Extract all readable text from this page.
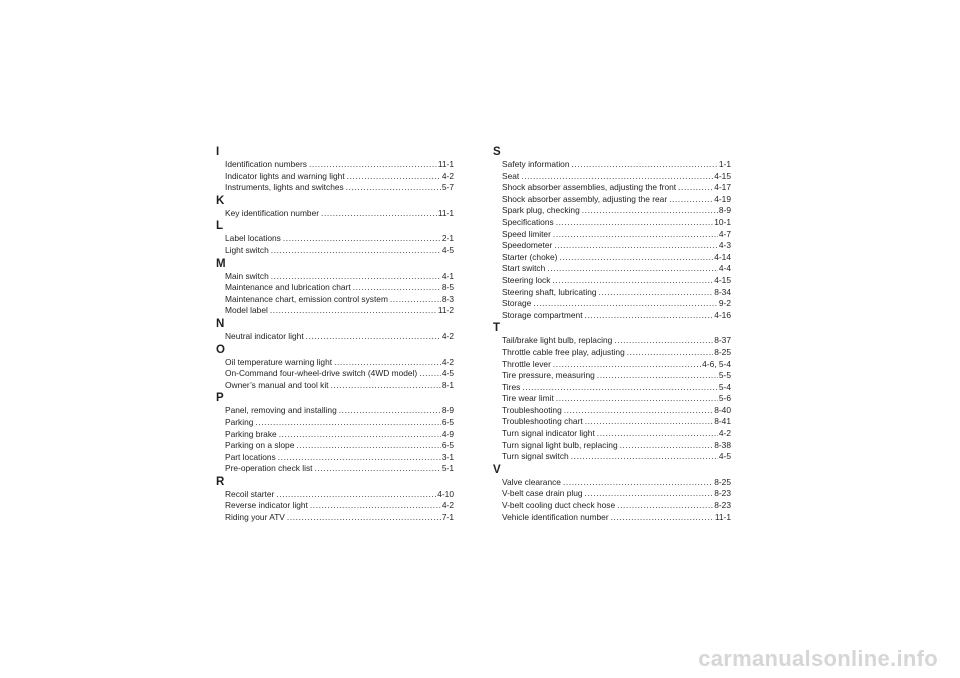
I
Identification numbers .....	11-1
Indicator lights and warning light .....	4-2
Instruments, lights and switches .....	5-7
K
Key identification number .....	11-1
L
Label locations .....	2-1
Light switch .....	4-5
M
Main switch .....	4-1
Maintenance and lubrication chart .....	8-5
Maintenance chart, emission control system .....	8-3
Model label .....	11-2
N
Neutral indicator light .....	4-2
O
Oil temperature warning light .....	4-2
On-Command four-wheel-drive switch (4WD model) .....	4-5
Owner’s manual and tool kit .....	8-1
P
Panel, removing and installing .....	8-9
Parking .....	6-5
Parking brake .....	4-9
Parking on a slope .....	6-5
Part locations .....	3-1
Pre-operation check list .....	5-1
R
Recoil starter .....	4-10
Reverse indicator light .....	4-2
Riding your ATV .....	7-1
S
Safety information .....	1-1
Seat .....	4-15
Shock absorber assemblies, adjusting the front .....	4-17
Shock absorber assembly, adjusting the rear .....	4-19
Spark plug, checking .....	8-9
Specifications .....	10-1
Speed limiter .....	4-7
Speedometer .....	4-3
Starter (choke) .....	4-14
Start switch .....	4-4
Steering lock .....	4-15
Steering shaft, lubricating .....	8-34
Storage .....	9-2
Storage compartment .....	4-16
T
Tail/brake light bulb, replacing .....	8-37
Throttle cable free play, adjusting .....	8-25
Throttle lever .....	4-6, 5-4
Tire pressure, measuring .....	5-5
Tires .....	5-4
Tire wear limit .....	5-6
Troubleshooting .....	8-40
Troubleshooting chart .....	8-41
Turn signal indicator light .....	4-2
Turn signal light bulb, replacing .....	8-38
Turn signal switch .....	4-5
V
Valve clearance .....	8-25
V-belt case drain plug .....	8-23
V-belt cooling duct check hose .....	8-23
Vehicle identification number .....	11-1
carmanualsonline.info
